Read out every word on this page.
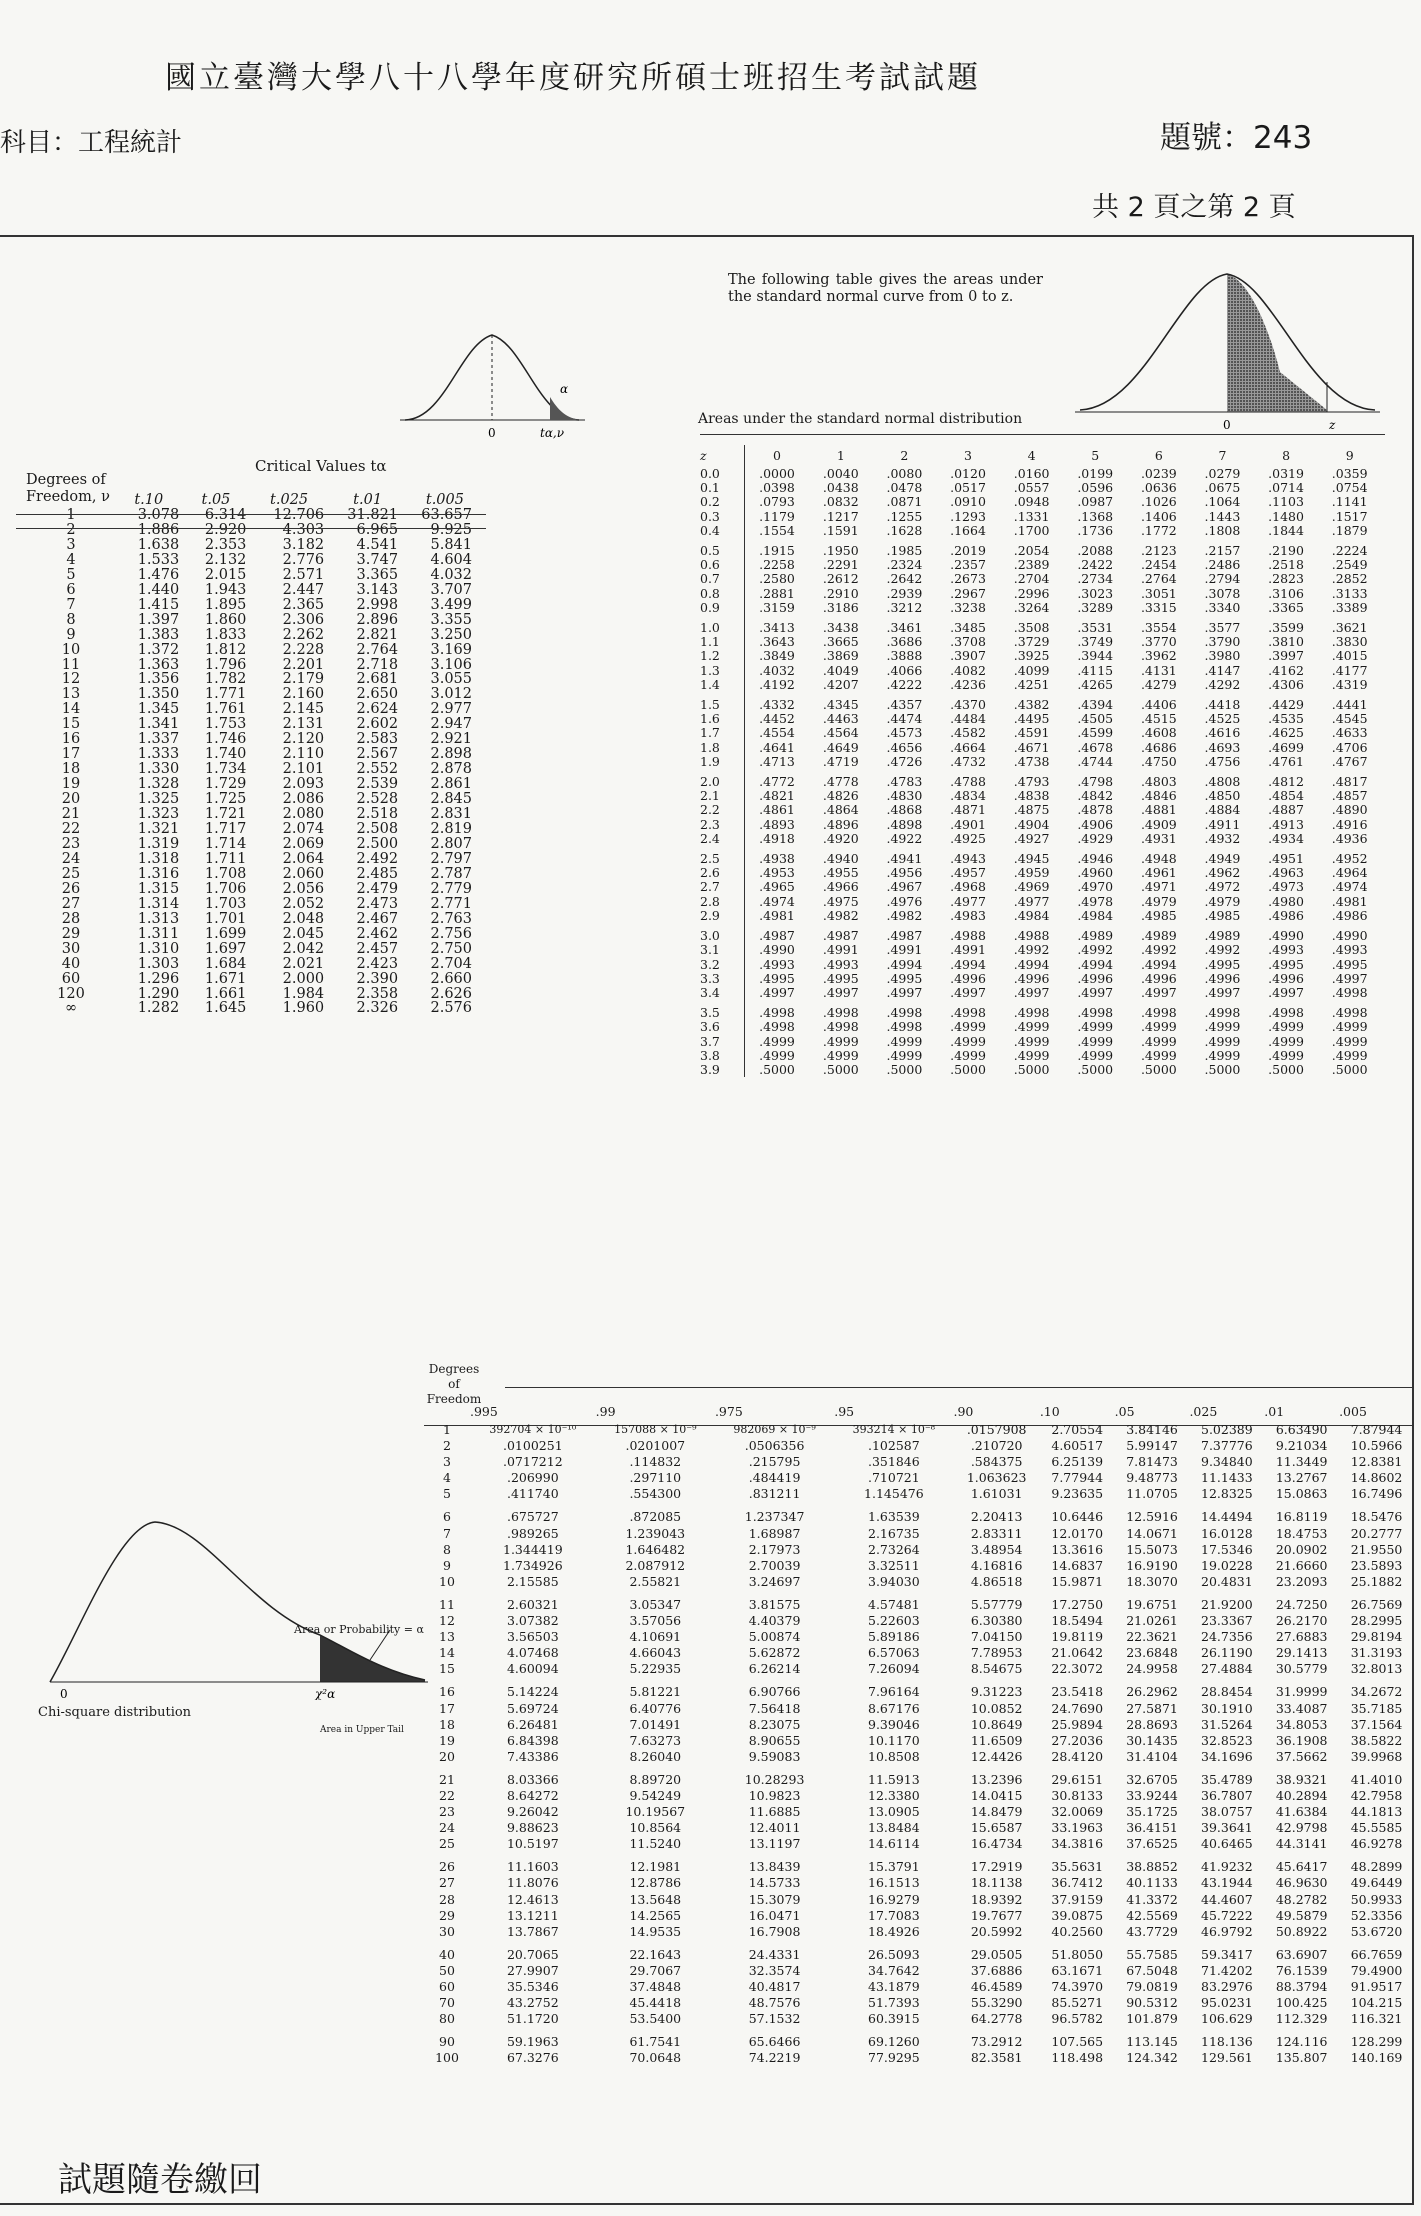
國立臺灣大學八十八學年度研究所碩士班招生考試試題
科目：工程統計	題號：243
共 2 頁之第 2 頁
0	tα,ν
α
Critical Values tα
Degrees of Freedom, ν
		t.10	t.05	t.025	t.01	t.005
1	3.078	6.314	12.706	31.821	63.657
2	1.886	2.920	4.303	6.965	9.925
3	1.638	2.353	3.182	4.541	5.841
4	1.533	2.132	2.776	3.747	4.604
5	1.476	2.015	2.571	3.365	4.032
6	1.440	1.943	2.447	3.143	3.707
7	1.415	1.895	2.365	2.998	3.499
8	1.397	1.860	2.306	2.896	3.355
9	1.383	1.833	2.262	2.821	3.250
10	1.372	1.812	2.228	2.764	3.169
11	1.363	1.796	2.201	2.718	3.106
12	1.356	1.782	2.179	2.681	3.055
13	1.350	1.771	2.160	2.650	3.012
14	1.345	1.761	2.145	2.624	2.977
15	1.341	1.753	2.131	2.602	2.947
16	1.337	1.746	2.120	2.583	2.921
17	1.333	1.740	2.110	2.567	2.898
18	1.330	1.734	2.101	2.552	2.878
19	1.328	1.729	2.093	2.539	2.861
20	1.325	1.725	2.086	2.528	2.845
21	1.323	1.721	2.080	2.518	2.831
22	1.321	1.717	2.074	2.508	2.819
23	1.319	1.714	2.069	2.500	2.807
24	1.318	1.711	2.064	2.492	2.797
25	1.316	1.708	2.060	2.485	2.787
26	1.315	1.706	2.056	2.479	2.779
27	1.314	1.703	2.052	2.473	2.771
28	1.313	1.701	2.048	2.467	2.763
29	1.311	1.699	2.045	2.462	2.756
30	1.310	1.697	2.042	2.457	2.750
40	1.303	1.684	2.021	2.423	2.704
60	1.296	1.671	2.000	2.390	2.660
120	1.290	1.661	1.984	2.358	2.626
∞	1.282	1.645	1.960	2.326	2.576
The following table gives the areas under the standard normal curve from 0 to z.
0	z
Areas under the standard normal distribution
z	0	1	2	3	4	5	6	7	8	9
0.0	.0000	.0040	.0080	.0120	.0160	.0199	.0239	.0279	.0319	.0359
0.1	.0398	.0438	.0478	.0517	.0557	.0596	.0636	.0675	.0714	.0754
0.2	.0793	.0832	.0871	.0910	.0948	.0987	.1026	.1064	.1103	.1141
0.3	.1179	.1217	.1255	.1293	.1331	.1368	.1406	.1443	.1480	.1517
0.4	.1554	.1591	.1628	.1664	.1700	.1736	.1772	.1808	.1844	.1879
0.5	.1915	.1950	.1985	.2019	.2054	.2088	.2123	.2157	.2190	.2224
0.6	.2258	.2291	.2324	.2357	.2389	.2422	.2454	.2486	.2518	.2549
0.7	.2580	.2612	.2642	.2673	.2704	.2734	.2764	.2794	.2823	.2852
0.8	.2881	.2910	.2939	.2967	.2996	.3023	.3051	.3078	.3106	.3133
0.9	.3159	.3186	.3212	.3238	.3264	.3289	.3315	.3340	.3365	.3389
1.0	.3413	.3438	.3461	.3485	.3508	.3531	.3554	.3577	.3599	.3621
1.1	.3643	.3665	.3686	.3708	.3729	.3749	.3770	.3790	.3810	.3830
1.2	.3849	.3869	.3888	.3907	.3925	.3944	.3962	.3980	.3997	.4015
1.3	.4032	.4049	.4066	.4082	.4099	.4115	.4131	.4147	.4162	.4177
1.4	.4192	.4207	.4222	.4236	.4251	.4265	.4279	.4292	.4306	.4319
1.5	.4332	.4345	.4357	.4370	.4382	.4394	.4406	.4418	.4429	.4441
1.6	.4452	.4463	.4474	.4484	.4495	.4505	.4515	.4525	.4535	.4545
1.7	.4554	.4564	.4573	.4582	.4591	.4599	.4608	.4616	.4625	.4633
1.8	.4641	.4649	.4656	.4664	.4671	.4678	.4686	.4693	.4699	.4706
1.9	.4713	.4719	.4726	.4732	.4738	.4744	.4750	.4756	.4761	.4767
2.0	.4772	.4778	.4783	.4788	.4793	.4798	.4803	.4808	.4812	.4817
2.1	.4821	.4826	.4830	.4834	.4838	.4842	.4846	.4850	.4854	.4857
2.2	.4861	.4864	.4868	.4871	.4875	.4878	.4881	.4884	.4887	.4890
2.3	.4893	.4896	.4898	.4901	.4904	.4906	.4909	.4911	.4913	.4916
2.4	.4918	.4920	.4922	.4925	.4927	.4929	.4931	.4932	.4934	.4936
2.5	.4938	.4940	.4941	.4943	.4945	.4946	.4948	.4949	.4951	.4952
2.6	.4953	.4955	.4956	.4957	.4959	.4960	.4961	.4962	.4963	.4964
2.7	.4965	.4966	.4967	.4968	.4969	.4970	.4971	.4972	.4973	.4974
2.8	.4974	.4975	.4976	.4977	.4977	.4978	.4979	.4979	.4980	.4981
2.9	.4981	.4982	.4982	.4983	.4984	.4984	.4985	.4985	.4986	.4986
3.0	.4987	.4987	.4987	.4988	.4988	.4989	.4989	.4989	.4990	.4990
3.1	.4990	.4991	.4991	.4991	.4992	.4992	.4992	.4992	.4993	.4993
3.2	.4993	.4993	.4994	.4994	.4994	.4994	.4994	.4995	.4995	.4995
3.3	.4995	.4995	.4995	.4996	.4996	.4996	.4996	.4996	.4996	.4997
3.4	.4997	.4997	.4997	.4997	.4997	.4997	.4997	.4997	.4997	.4998
3.5	.4998	.4998	.4998	.4998	.4998	.4998	.4998	.4998	.4998	.4998
3.6	.4998	.4998	.4998	.4999	.4999	.4999	.4999	.4999	.4999	.4999
3.7	.4999	.4999	.4999	.4999	.4999	.4999	.4999	.4999	.4999	.4999
3.8	.4999	.4999	.4999	.4999	.4999	.4999	.4999	.4999	.4999	.4999
3.9	.5000	.5000	.5000	.5000	.5000	.5000	.5000	.5000	.5000	.5000
0	χ²α
Area or Probability = α
Chi-square distribution
Area in Upper Tail
Degrees of Freedom
	.995	.99	.975	.95	.90	.10	.05	.025	.01	.005
1	392704 × 10⁻¹⁰	157088 × 10⁻⁹	982069 × 10⁻⁹	393214 × 10⁻⁸	.0157908	2.70554	3.84146	5.02389	6.63490	7.87944
2	.0100251	.0201007	.0506356	.102587	.210720	4.60517	5.99147	7.37776	9.21034	10.5966
3	.0717212	.114832	.215795	.351846	.584375	6.25139	7.81473	9.34840	11.3449	12.8381
4	.206990	.297110	.484419	.710721	1.063623	7.77944	9.48773	11.1433	13.2767	14.8602
5	.411740	.554300	.831211	1.145476	1.61031	9.23635	11.0705	12.8325	15.0863	16.7496
6	.675727	.872085	1.237347	1.63539	2.20413	10.6446	12.5916	14.4494	16.8119	18.5476
7	.989265	1.239043	1.68987	2.16735	2.83311	12.0170	14.0671	16.0128	18.4753	20.2777
8	1.344419	1.646482	2.17973	2.73264	3.48954	13.3616	15.5073	17.5346	20.0902	21.9550
9	1.734926	2.087912	2.70039	3.32511	4.16816	14.6837	16.9190	19.0228	21.6660	23.5893
10	2.15585	2.55821	3.24697	3.94030	4.86518	15.9871	18.3070	20.4831	23.2093	25.1882
11	2.60321	3.05347	3.81575	4.57481	5.57779	17.2750	19.6751	21.9200	24.7250	26.7569
12	3.07382	3.57056	4.40379	5.22603	6.30380	18.5494	21.0261	23.3367	26.2170	28.2995
13	3.56503	4.10691	5.00874	5.89186	7.04150	19.8119	22.3621	24.7356	27.6883	29.8194
14	4.07468	4.66043	5.62872	6.57063	7.78953	21.0642	23.6848	26.1190	29.1413	31.3193
15	4.60094	5.22935	6.26214	7.26094	8.54675	22.3072	24.9958	27.4884	30.5779	32.8013
16	5.14224	5.81221	6.90766	7.96164	9.31223	23.5418	26.2962	28.8454	31.9999	34.2672
17	5.69724	6.40776	7.56418	8.67176	10.0852	24.7690	27.5871	30.1910	33.4087	35.7185
18	6.26481	7.01491	8.23075	9.39046	10.8649	25.9894	28.8693	31.5264	34.8053	37.1564
19	6.84398	7.63273	8.90655	10.1170	11.6509	27.2036	30.1435	32.8523	36.1908	38.5822
20	7.43386	8.26040	9.59083	10.8508	12.4426	28.4120	31.4104	34.1696	37.5662	39.9968
21	8.03366	8.89720	10.28293	11.5913	13.2396	29.6151	32.6705	35.4789	38.9321	41.4010
22	8.64272	9.54249	10.9823	12.3380	14.0415	30.8133	33.9244	36.7807	40.2894	42.7958
23	9.26042	10.19567	11.6885	13.0905	14.8479	32.0069	35.1725	38.0757	41.6384	44.1813
24	9.88623	10.8564	12.4011	13.8484	15.6587	33.1963	36.4151	39.3641	42.9798	45.5585
25	10.5197	11.5240	13.1197	14.6114	16.4734	34.3816	37.6525	40.6465	44.3141	46.9278
26	11.1603	12.1981	13.8439	15.3791	17.2919	35.5631	38.8852	41.9232	45.6417	48.2899
27	11.8076	12.8786	14.5733	16.1513	18.1138	36.7412	40.1133	43.1944	46.9630	49.6449
28	12.4613	13.5648	15.3079	16.9279	18.9392	37.9159	41.3372	44.4607	48.2782	50.9933
29	13.1211	14.2565	16.0471	17.7083	19.7677	39.0875	42.5569	45.7222	49.5879	52.3356
30	13.7867	14.9535	16.7908	18.4926	20.5992	40.2560	43.7729	46.9792	50.8922	53.6720
40	20.7065	22.1643	24.4331	26.5093	29.0505	51.8050	55.7585	59.3417	63.6907	66.7659
50	27.9907	29.7067	32.3574	34.7642	37.6886	63.1671	67.5048	71.4202	76.1539	79.4900
60	35.5346	37.4848	40.4817	43.1879	46.4589	74.3970	79.0819	83.2976	88.3794	91.9517
70	43.2752	45.4418	48.7576	51.7393	55.3290	85.5271	90.5312	95.0231	100.425	104.215
80	51.1720	53.5400	57.1532	60.3915	64.2778	96.5782	101.879	106.629	112.329	116.321
90	59.1963	61.7541	65.6466	69.1260	73.2912	107.565	113.145	118.136	124.116	128.299
100	67.3276	70.0648	74.2219	77.9295	82.3581	118.498	124.342	129.561	135.807	140.169
試題隨卷繳回
